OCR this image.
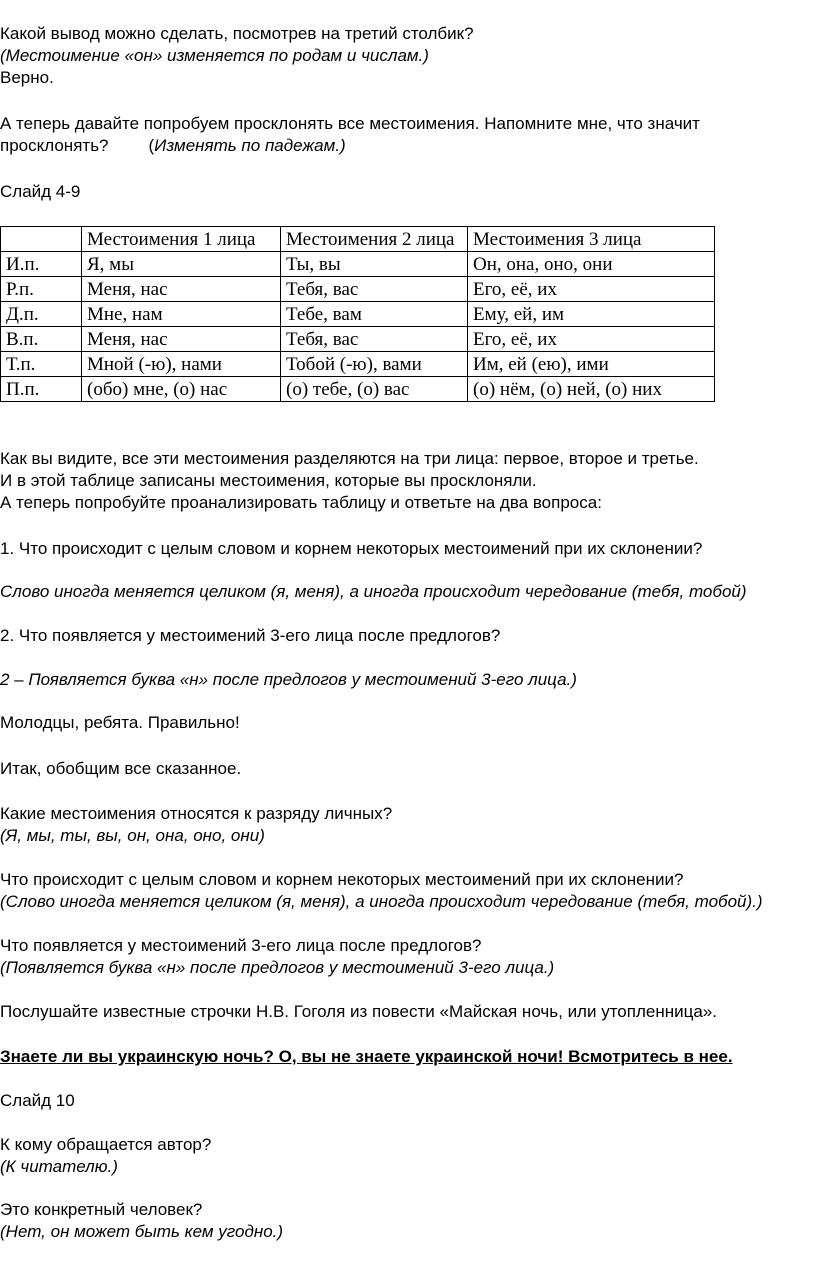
Какой вывод можно сделать, посмотрев на третий столбик?

(Местоимение «он» изменяется по родам и числам.)

Верно.

А теперь давайте попробуем просклонять все местоимения. Напомните мне, что значит

просклонять? (Изменять по падежам.)

Слайд 4-9

	Местоимения 1 лица	Местоимения 2 лица	Местоимения 3 лица
И.п.	Я, мы	Ты, вы	Он, она, оно, они
Р.п.	Меня, нас	Тебя, вас	Его, её, их
Д.п.	Мне, нам	Тебе, вам	Ему, ей, им
В.п.	Меня, нас	Тебя, вас	Его, её, их
Т.п.	Мной (-ю), нами	Тобой (-ю), вами	Им, ей (ею), ими
П.п.	(обо) мне, (о) нас	(о) тебе, (о) вас	(о) нём, (о) ней, (о) них

Как вы видите, все эти местоимения разделяются на три лица: первое, второе и третье.

И в этой таблице записаны местоимения, которые вы просклоняли.

А теперь попробуйте проанализировать таблицу и ответьте на два вопроса:

1. Что происходит с целым словом и корнем некоторых местоимений при их склонении?

Слово иногда меняется целиком (я, меня), а иногда происходит чередование (тебя, тобой)

2. Что появляется у местоимений 3-его лица после предлогов?

2 – Появляется буква «н» после предлогов у местоимений 3-его лица.)

Молодцы, ребята. Правильно!

Итак, обобщим все сказанное.

Какие местоимения относятся к разряду личных?

(Я, мы, ты, вы, он, она, оно, они)

Что происходит с целым словом и корнем некоторых местоимений при их склонении?

(Слово иногда меняется целиком (я, меня), а иногда происходит чередование (тебя, тобой).)

Что появляется у местоимений 3-его лица после предлогов?

(Появляется буква «н» после предлогов у местоимений 3-его лица.)

Послушайте известные строчки Н.В. Гоголя из повести «Майская ночь, или утопленница».

Знаете ли вы украинскую ночь? О, вы не знаете украинской ночи! Всмотритесь в нее.

Слайд 10

К кому обращается автор?

(К читателю.)

Это конкретный человек?

(Нет, он может быть кем угодно.)
